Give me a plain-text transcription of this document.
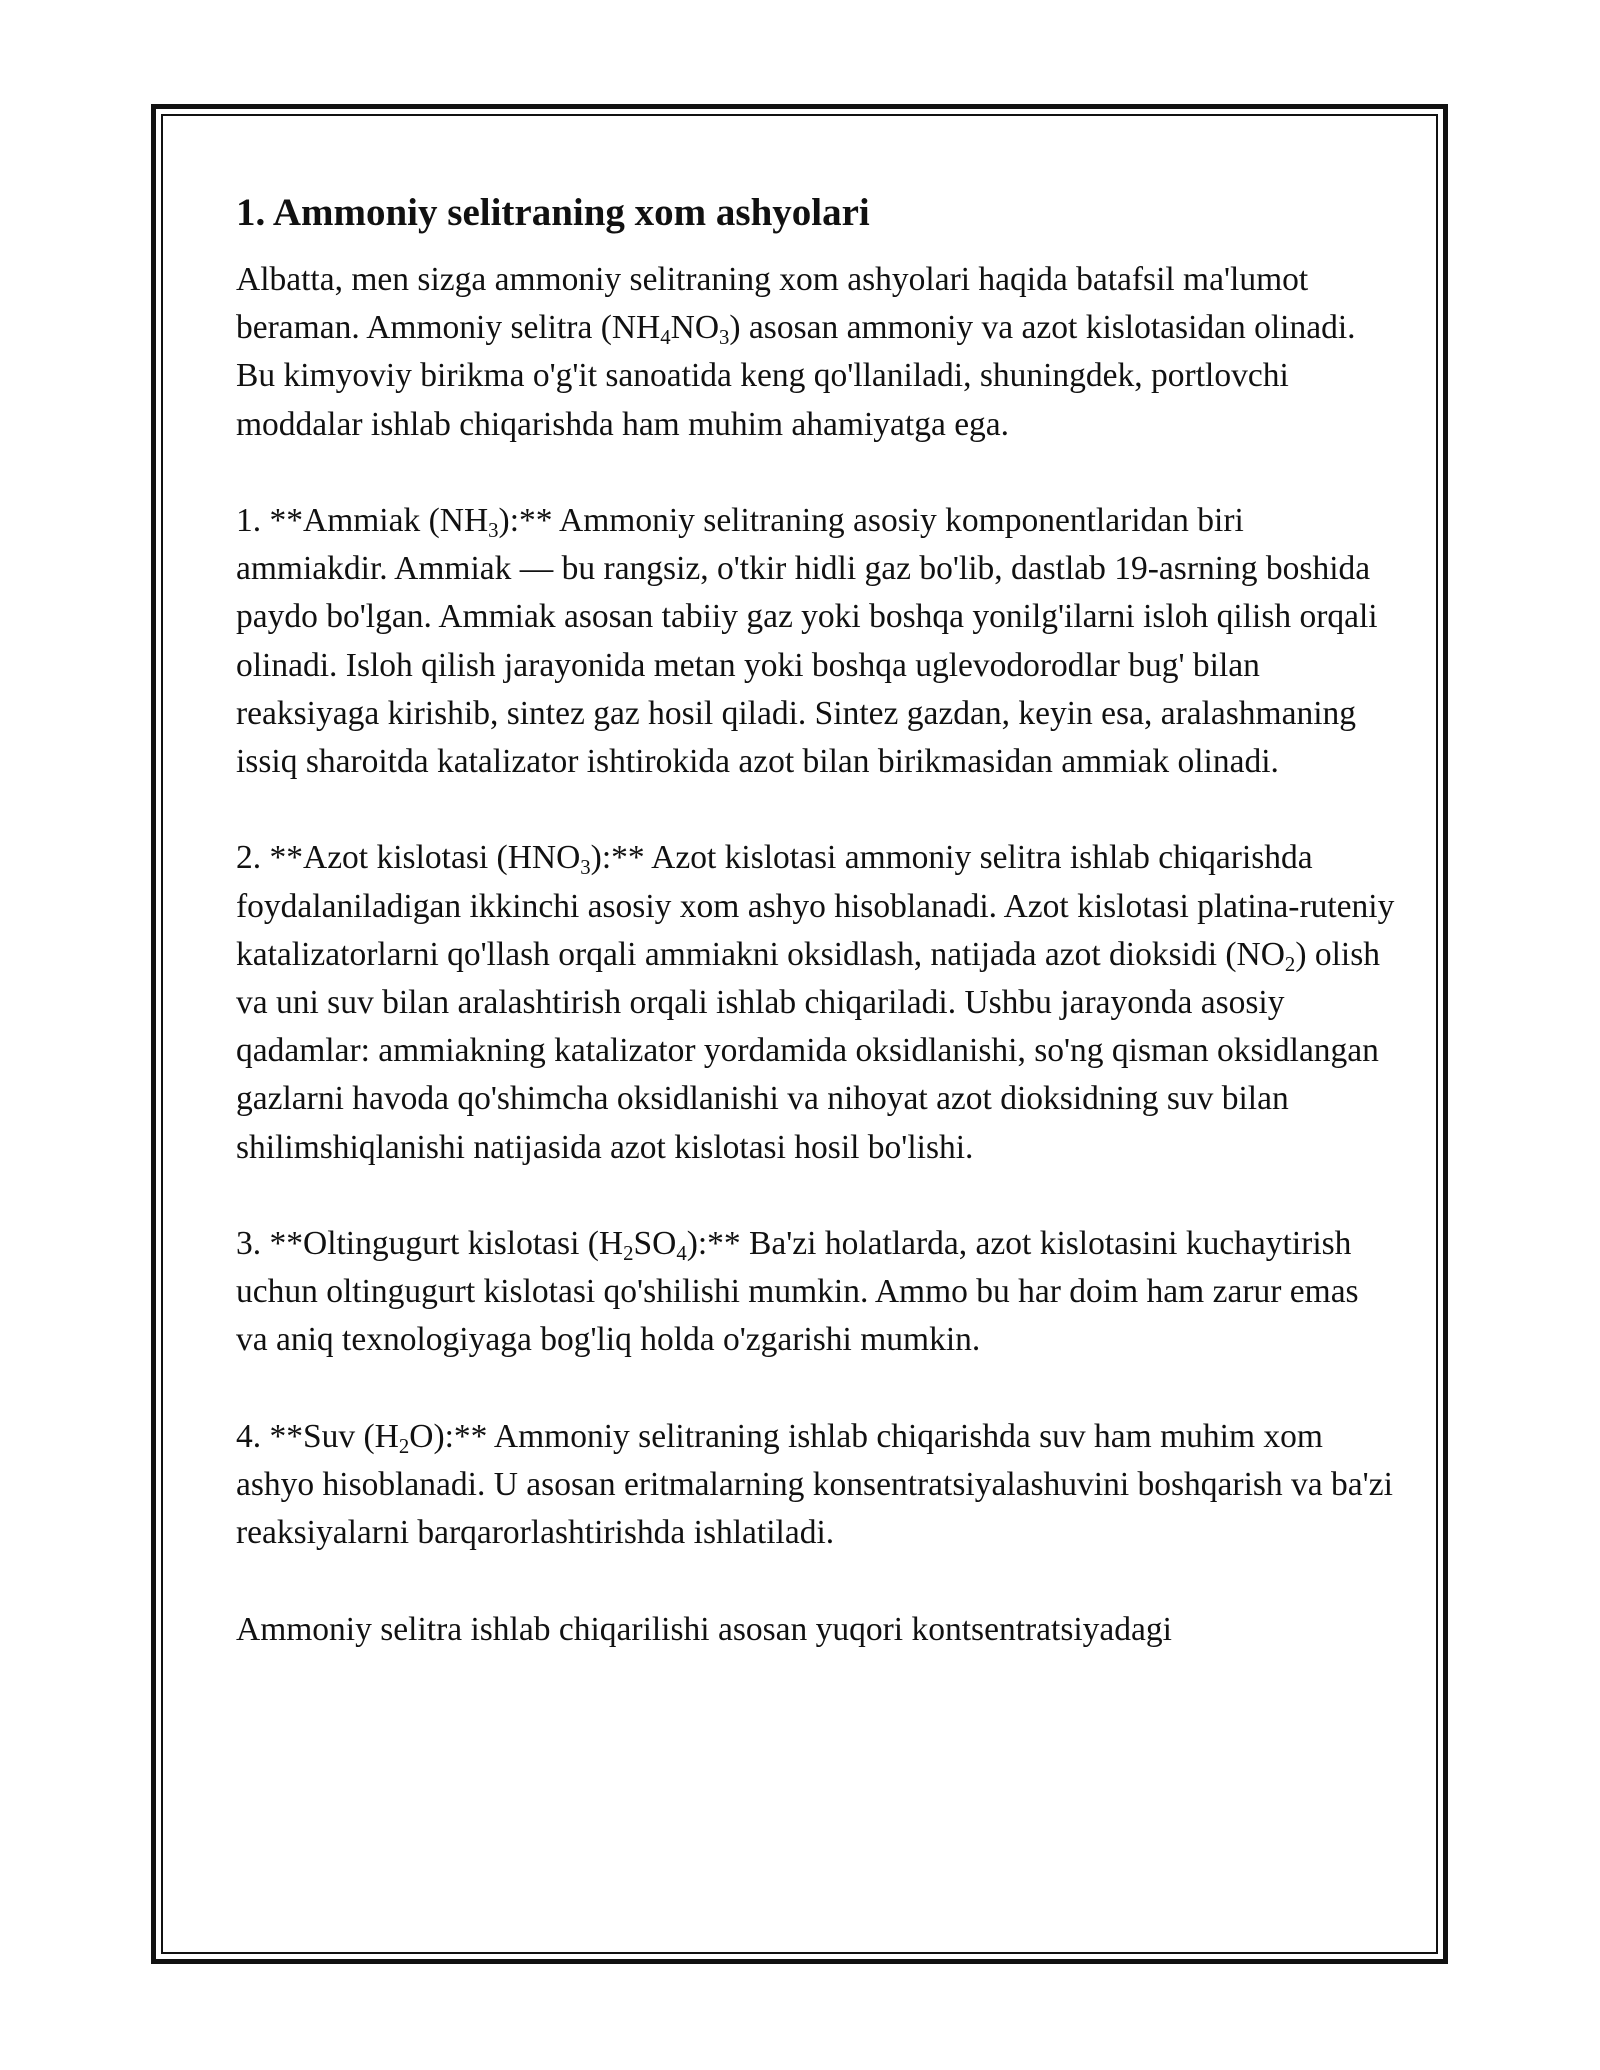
1. Ammoniy selitraning xom ashyolari

Albatta, men sizga ammoniy selitraning xom ashyolari haqida batafsil ma'lumot beraman. Ammoniy selitra $(NH_4NO_3)$ asosan ammoniy va azot kislotasidan olinadi. Bu kimyoviy birikma o'g'it sanoatida keng qo'llaniladi, shuningdek, portlovchi moddalar ishlab chiqarishda ham muhim ahamiyatga ega.

1. **Ammiak $(NH_3):**$ Ammoniy selitraning asosiy komponentlaridan biri ammiakdir. Ammiak — bu rangsiz, o'tkir hidli gaz bo'lib, dastlab 19-asrning boshida paydo bo'lgan. Ammiak asosan tabiiy gaz yoki boshqa yonilg'ilarni isloh qilish orqali olinadi. Isloh qilish jarayonida metan yoki boshqa uglevodorodlar bug' bilan reaksiyaga kirishib, sintez gaz hosil qiladi. Sintez gazdan, keyin esa, aralashmaning issiq sharoitda katalizator ishtirokida azot bilan birikmasidan ammiak olinadi.

2. **Azot kislotasi $(HNO_3):**$ Azot kislotasi ammoniy selitra ishlab chiqarishda foydalaniladigan ikkinchi asosiy xom ashyo hisoblanadi. Azot kislotasi platina-ruteniy katalizatorlarni qo'llash orqali ammiakni oksidlash, natijada azot dioksidi $(NO_2)$ olish va uni suv bilan aralashtirish orqali ishlab chiqariladi. Ushbu jarayonda asosiy qadamlar: ammiakning katalizator yordamida oksidlanishi, so'ng qisman oksidlangan gazlarni havoda qo'shimcha oksidlanishi va nihoyat azot dioksidning suv bilan shilimshiqlanishi natijasida azot kislotasi hosil bo'lishi.

3. **Oltingugurt kislotasi $(H_2SO_4):**$ Ba'zi holatlarda, azot kislotasini kuchaytirish uchun oltingugurt kislotasi qo'shilishi mumkin. Ammo bu har doim ham zarur emas va aniq texnologiyaga bog'liq holda o'zgarishi mumkin.

4. **Suv $(H_2O):**$ Ammoniy selitraning ishlab chiqarishda suv ham muhim xom ashyo hisoblanadi. U asosan eritmalarning konsentratsiyalashuvini boshqarish va ba'zi reaksiyalarni barqarorlashtirishda ishlatiladi.

Ammoniy selitra ishlab chiqarilishi asosan yuqori kontsentratsiyadagi
